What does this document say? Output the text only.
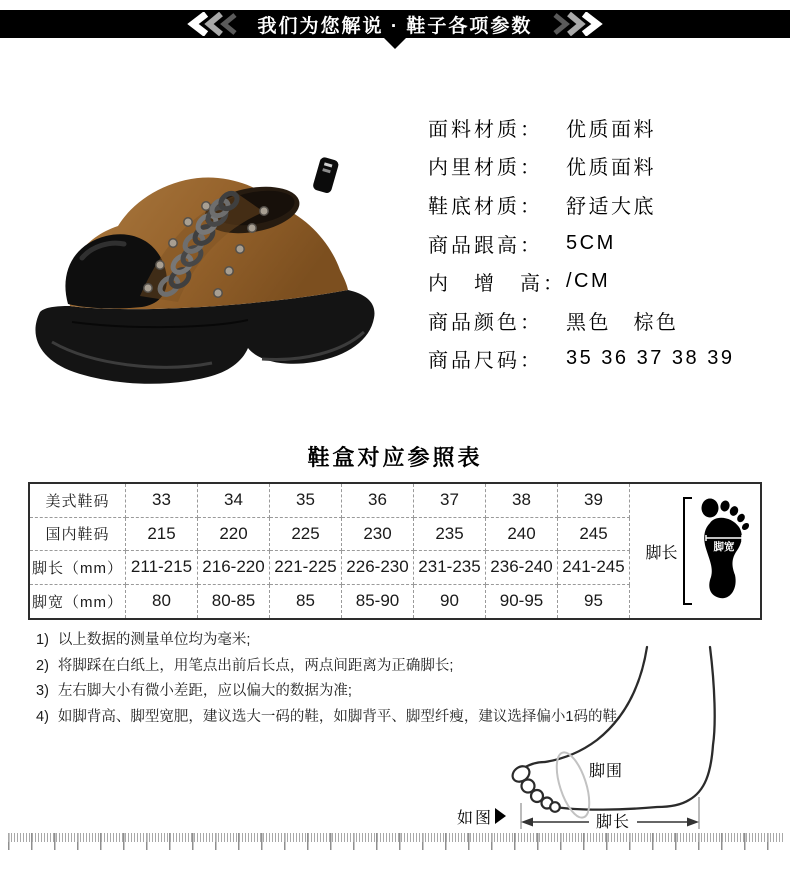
我们为您解说 · 鞋子各项参数
面料材质：	优质面料
内里材质：	优质面料
鞋底材质：	舒适大底
商品跟高：	5CM
内　增　高： /CM
商品颜色：	黑色　棕色
商品尺码：	35 36 37 38 39
鞋盒对应参照表
脚长	脚宽
美式鞋码	33	34	35	36	37	38	39
国内鞋码	215	220	225	230	235	240	245
脚长（mm） 211-215 216-220 221-225 226-230 231-235 236-240 241-245
脚宽（mm）	80	80-85	85	85-90	90	90-95	95
1) 以上数据的测量单位均为毫米;
2) 将脚踩在白纸上，用笔点出前后长点，两点间距离为正确脚长;
3) 左右脚大小有微小差距，应以偏大的数据为准;
4) 如脚背高、脚型宽肥，建议选大一码的鞋，如脚背平、脚型纤瘦，建议选择偏小1码的鞋
脚围
脚长
如图
